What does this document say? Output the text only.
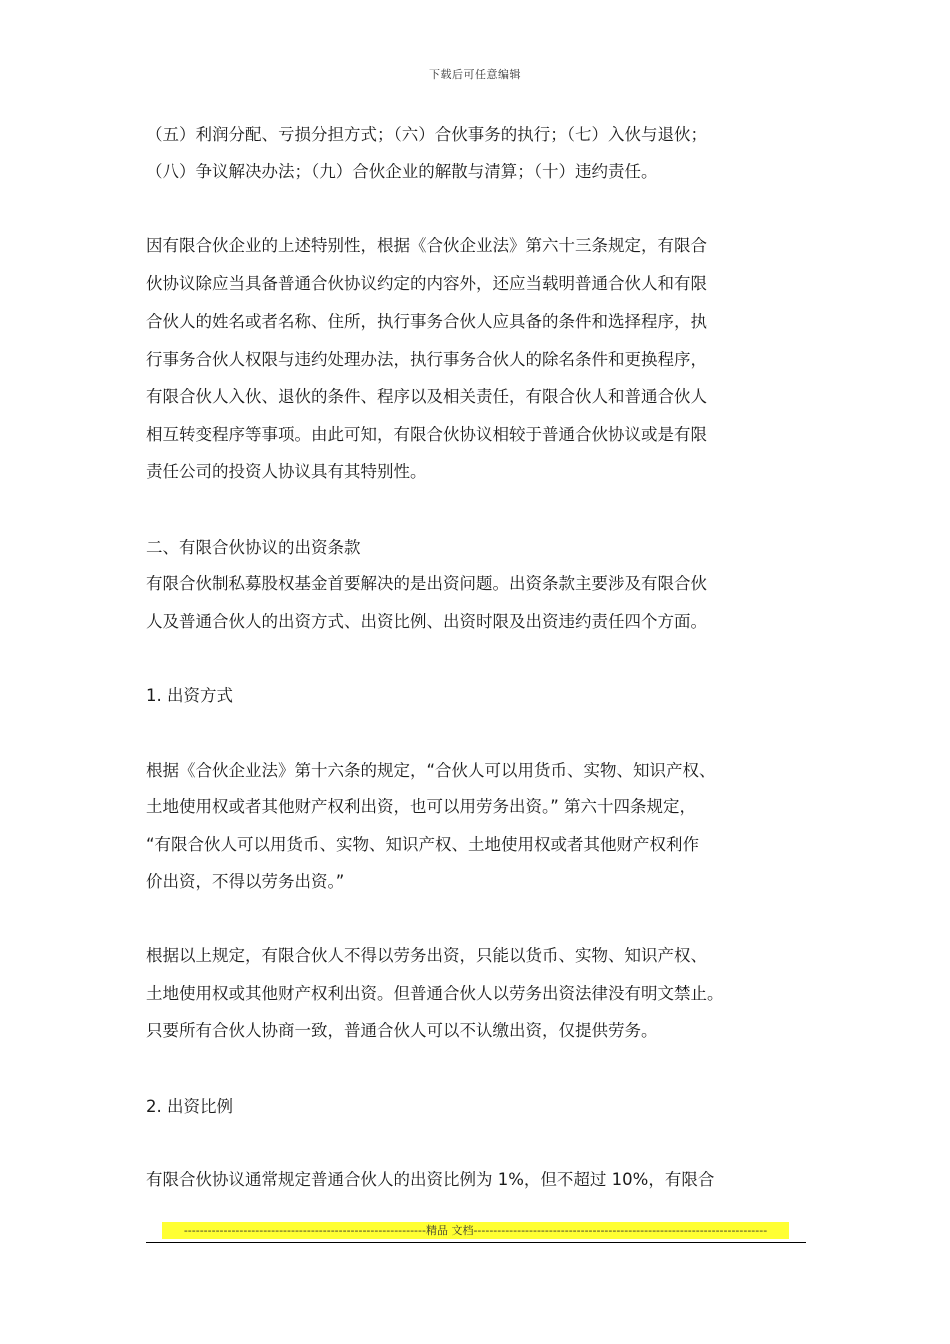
下载后可任意编辑
（五）利润分配、亏损分担方式；（六）合伙事务的执行；（七）入伙与退伙；
（八）争议解决办法；（九）合伙企业的解散与清算；（十）违约责任。
因有限合伙企业的上述特别性，根据《合伙企业法》第六十三条规定，有限合
伙协议除应当具备普通合伙协议约定的内容外，还应当载明普通合伙人和有限
合伙人的姓名或者名称、住所，执行事务合伙人应具备的条件和选择程序，执
行事务合伙人权限与违约处理办法，执行事务合伙人的除名条件和更换程序，
有限合伙人入伙、退伙的条件、程序以及相关责任，有限合伙人和普通合伙人
相互转变程序等事项。由此可知，有限合伙协议相较于普通合伙协议或是有限
责任公司的投资人协议具有其特别性。
二、有限合伙协议的出资条款
有限合伙制私募股权基金首要解决的是出资问题。出资条款主要涉及有限合伙
人及普通合伙人的出资方式、出资比例、出资时限及出资违约责任四个方面。
1. 出资方式
根据《合伙企业法》第十六条的规定，“合伙人可以用货币、实物、知识产权、
土地使用权或者其他财产权利出资，也可以用劳务出资。” 第六十四条规定，
“有限合伙人可以用货币、实物、知识产权、土地使用权或者其他财产权利作
价出资，不得以劳务出资。”
根据以上规定，有限合伙人不得以劳务出资，只能以货币、实物、知识产权、
土地使用权或其他财产权利出资。但普通合伙人以劳务出资法律没有明文禁止。
只要所有合伙人协商一致，普通合伙人可以不认缴出资，仅提供劳务。
2. 出资比例
有限合伙协议通常规定普通合伙人的出资比例为 1%，但不超过 10%，有限合
-------------------------------------------------------------精品 文档--------------------------------------------------------------------------
